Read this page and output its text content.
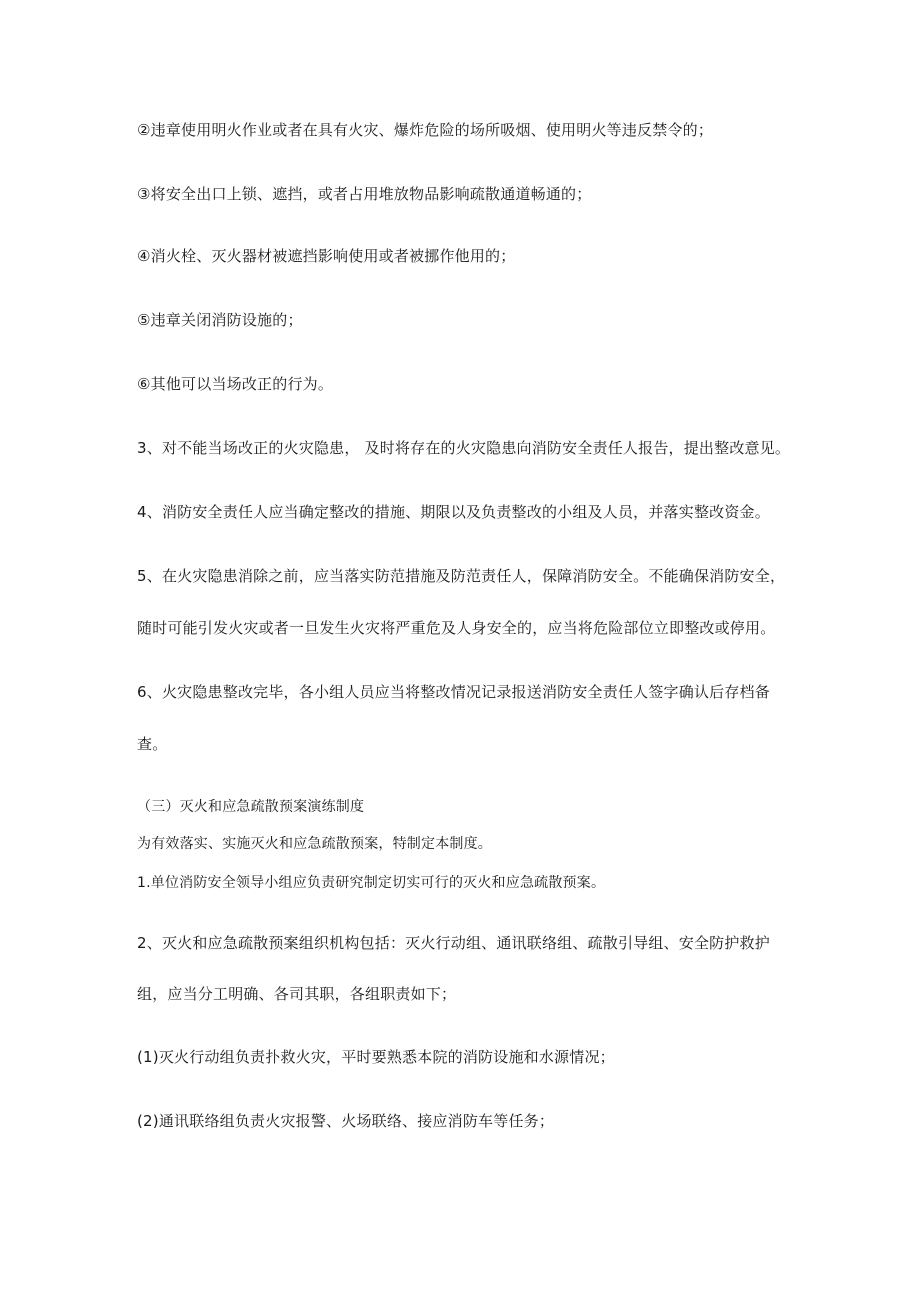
②违章使用明火作业或者在具有火灾、爆炸危险的场所吸烟、使用明火等违反禁令的；
③将安全出口上锁、遮挡，或者占用堆放物品影响疏散通道畅通的；
④消火栓、灭火器材被遮挡影响使用或者被挪作他用的；
⑤违章关闭消防设施的；
⑥其他可以当场改正的行为。
3、对不能当场改正的火灾隐患， 及时将存在的火灾隐患向消防安全责任人报告，提出整改意见。
4、消防安全责任人应当确定整改的措施、期限以及负责整改的小组及人员，并落实整改资金。
5、在火灾隐患消除之前，应当落实防范措施及防范责任人，保障消防安全。不能确保消防安全，
随时可能引发火灾或者一旦发生火灾将严重危及人身安全的，应当将危险部位立即整改或停用。
6、火灾隐患整改完毕，各小组人员应当将整改情况记录报送消防安全责任人签字确认后存档备
查。
（三）灭火和应急疏散预案演练制度
为有效落实、实施灭火和应急疏散预案，特制定本制度。
1.单位消防安全领导小组应负责研究制定切实可行的灭火和应急疏散预案。
2、灭火和应急疏散预案组织机构包括：灭火行动组、通讯联络组、疏散引导组、安全防护救护
组，应当分工明确、各司其职，各组职责如下；
(1)灭火行动组负责扑救火灾，平时要熟悉本院的消防设施和水源情况；
(2)通讯联络组负责火灾报警、火场联络、接应消防车等任务；
